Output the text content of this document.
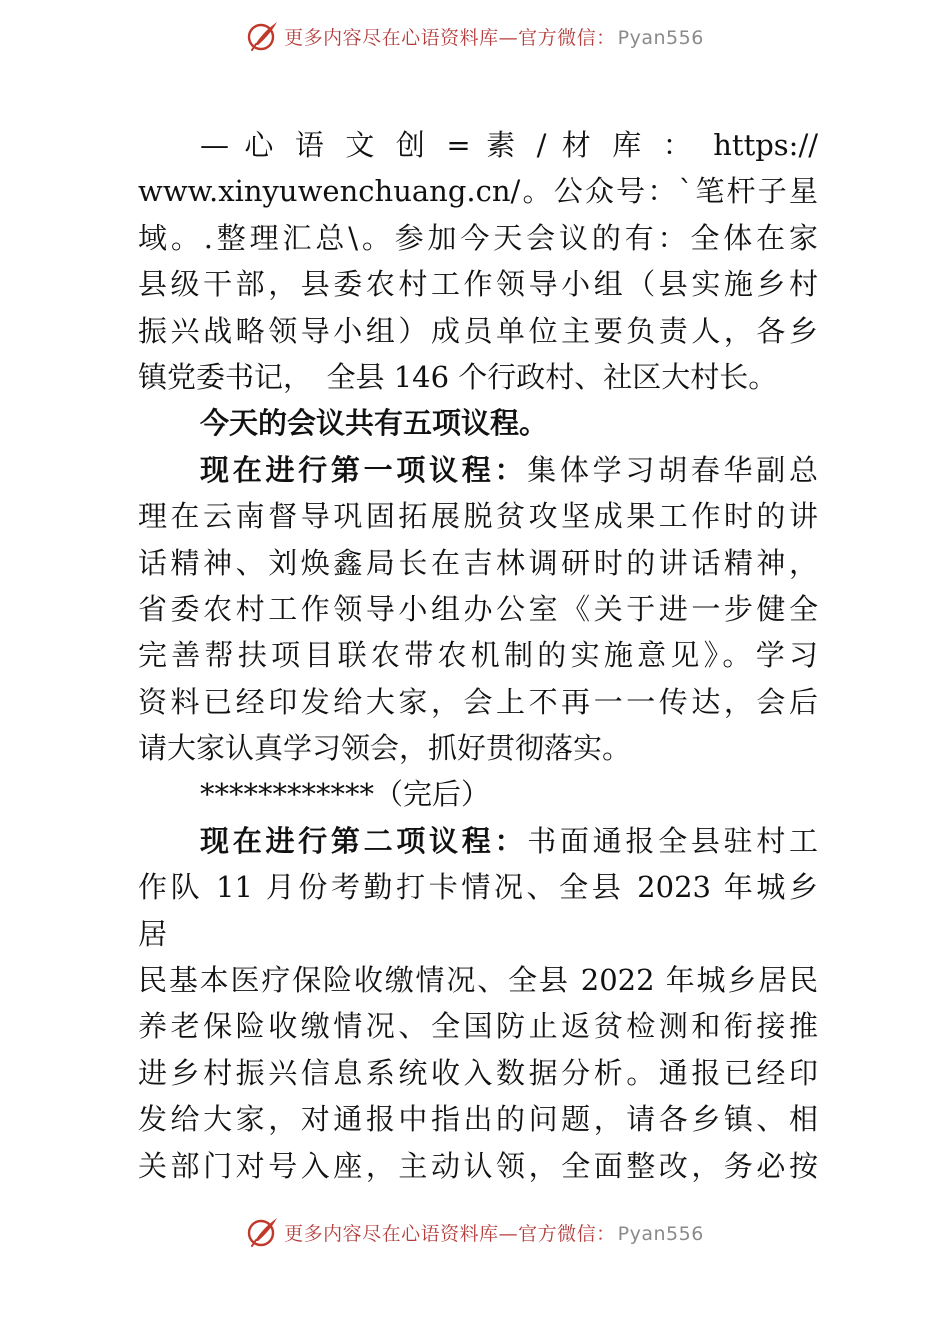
更多内容尽在心语资料库—官方微信： Pyan556
— 心 语 文 创 = 素 / 材 库 ： https://
www.xinyuwenchuang.cn/。公众号：`笔杆子星
域。.整理汇总\。参加今天会议的有：全体在家
县级干部，县委农村工作领导小组（县实施乡村
振兴战略领导小组）成员单位主要负责人，各乡
镇党委书记，　全县 146 个行政村、社区大村长。
今天的会议共有五项议程。
现在进行第一项议程：集体学习胡春华副总
理在云南督导巩固拓展脱贫攻坚成果工作时的讲
话精神、刘焕鑫局长在吉林调研时的讲话精神，
省委农村工作领导小组办公室《关于进一步健全
完善帮扶项目联农带农机制的实施意见》。学习
资料已经印发给大家，会上不再一一传达，会后
请大家认真学习领会，抓好贯彻落实。
************（完后）
现在进行第二项议程：书面通报全县驻村工
作队 11 月份考勤打卡情况、全县 2023 年城乡
居
民基本医疗保险收缴情况、全县 2022 年城乡居民
养老保险收缴情况、全国防止返贫检测和衔接推
进乡村振兴信息系统收入数据分析。通报已经印
发给大家，对通报中指出的问题，请各乡镇、相
关部门对号入座，主动认领，全面整改，务必按
更多内容尽在心语资料库—官方微信： Pyan556
